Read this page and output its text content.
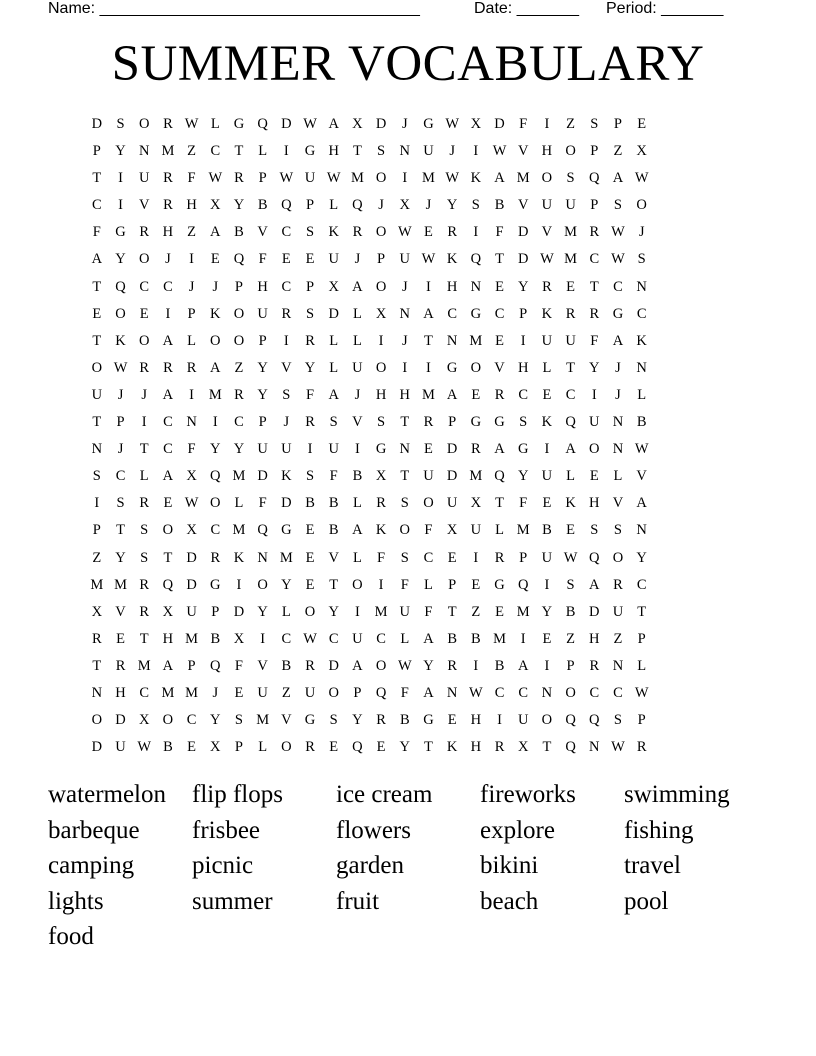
Name: ____________________________________	Date: _______ Period: _______
SUMMER VOCABULARY
D S O R W L G Q D W A X D	J	G W X D F	I	Z	S	P	E
P Y N M Z C T	L	I	G H T	S N U	J	I W V H O P	Z X
T	I	U R	F W R	P W U W M O	I	M W K A M O S Q A W
C	I	V R H X Y B Q P	L Q	J	X	J	Y S	B V U U P	S O
F G R H Z A B V C	S K R O W E R	I	F D V M R W J
A Y O	J	I	E Q F	E	E U	J	P U W K Q T D W M C W S
T Q C C	J	J	P H C	P X A O	J	I	H N E Y R E	T C N
E O E	I	P K O U R	S D L X N A C G C	P K R R G C
T K O A L O O P	I	R L	L	I	J	T N M E	I	U U F A K
O W R R R A Z Y V Y L U O	I	I	G O V H L	T Y	J	N
U	J	J	A	I	M R Y S	F A	J	H H M A E R C E C	I	J	L
T	P	I	C N	I	C	P	J	R	S V S	T R	P G G S K Q U N B
N	J	T C	F Y Y U U	I	U	I	G N E D R A G	I	A O N W
S	C L A X Q M D K S	F	B X T U D M Q Y U L	E	L V
I	S	R E W O L	F D B B L R	S O U X T	F	E K H V A
P	T	S O X C M Q G E B A K O F X U L M B E	S	S N
Z Y S	T D R K N M E V L	F	S	C E	I	R	P U W Q O Y
M M R Q D G	I	O Y E	T O	I	F	L	P	E G Q	I	S A R C
X V R X U P D Y L O Y	I	M U F	T	Z	E M Y B D U T
R E	T H M B X	I	C W C U C L A B B M	I	E	Z H Z	P
T R M A P Q F V B R D A O W Y R	I	B A	I	P	R N L
N H C M M J	E U Z U O P Q F A N W C C N O C C W
O D X O C Y S M V G S Y R B G E H	I	U O Q Q S	P
D U W B E X P	L O R E Q E Y T K H R X T Q N W R
watermelon	flip flops	ice cream	fireworks	swimming
barbeque	frisbee	flowers	explore	fishing
camping	picnic	garden	bikini	travel
lights	summer	fruit	beach	pool
food
